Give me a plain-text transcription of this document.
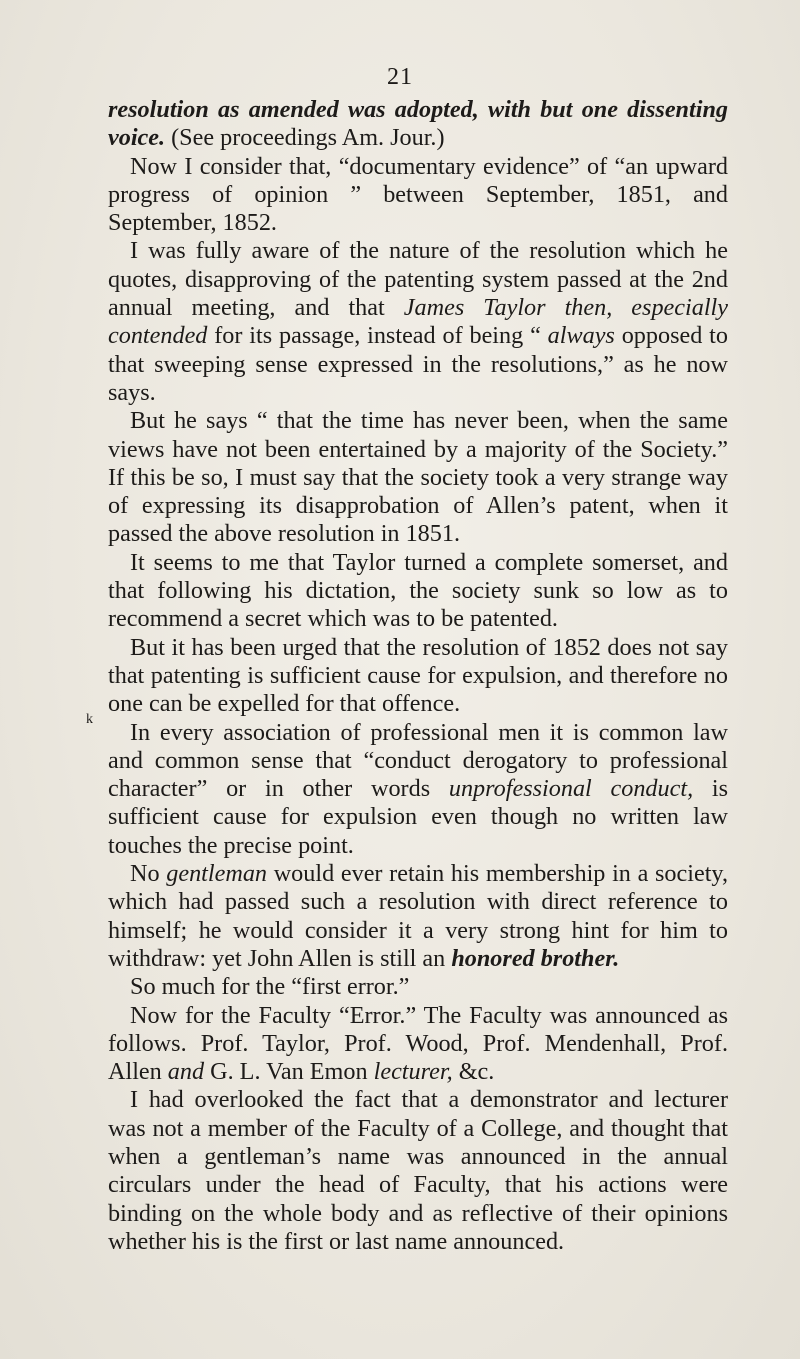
21
k

resolution as amended was adopted, with but one dissenting voice. (See proceedings Am. Jour.)

Now I consider that, “documentary evidence” of “an upward progress of opinion ” between September, 1851, and September, 1852.

I was fully aware of the nature of the resolution which he quotes, disapproving of the patenting system passed at the 2nd annual meeting, and that James Taylor then, especially contended for its passage, instead of being “ always opposed to that sweeping sense expressed in the resolutions,” as he now says.

But he says “ that the time has never been, when the same views have not been entertained by a majority of the Society.” If this be so, I must say that the society took a very strange way of expressing its disapprobation of Allen’s patent, when it passed the above resolution in 1851.

It seems to me that Taylor turned a complete somerset, and that following his dictation, the society sunk so low as to recommend a secret which was to be patented.

But it has been urged that the resolution of 1852 does not say that patenting is sufficient cause for expulsion, and therefore no one can be expelled for that offence.

In every association of professional men it is common law and common sense that “conduct derogatory to professional character” or in other words unprofessional conduct, is sufficient cause for expulsion even though no written law touches the precise point.

No gentleman would ever retain his membership in a society, which had passed such a resolution with direct reference to himself; he would consider it a very strong hint for him to withdraw: yet John Allen is still an honored brother.

So much for the “first error.”

Now for the Faculty “Error.” The Faculty was announced as follows. Prof. Taylor, Prof. Wood, Prof. Mendenhall, Prof. Allen and G. L. Van Emon lecturer, &c.

I had overlooked the fact that a demonstrator and lecturer was not a member of the Faculty of a College, and thought that when a gentleman’s name was announced in the annual circulars under the head of Faculty, that his actions were binding on the whole body and as reflective of their opinions whether his is the first or last name announced.
